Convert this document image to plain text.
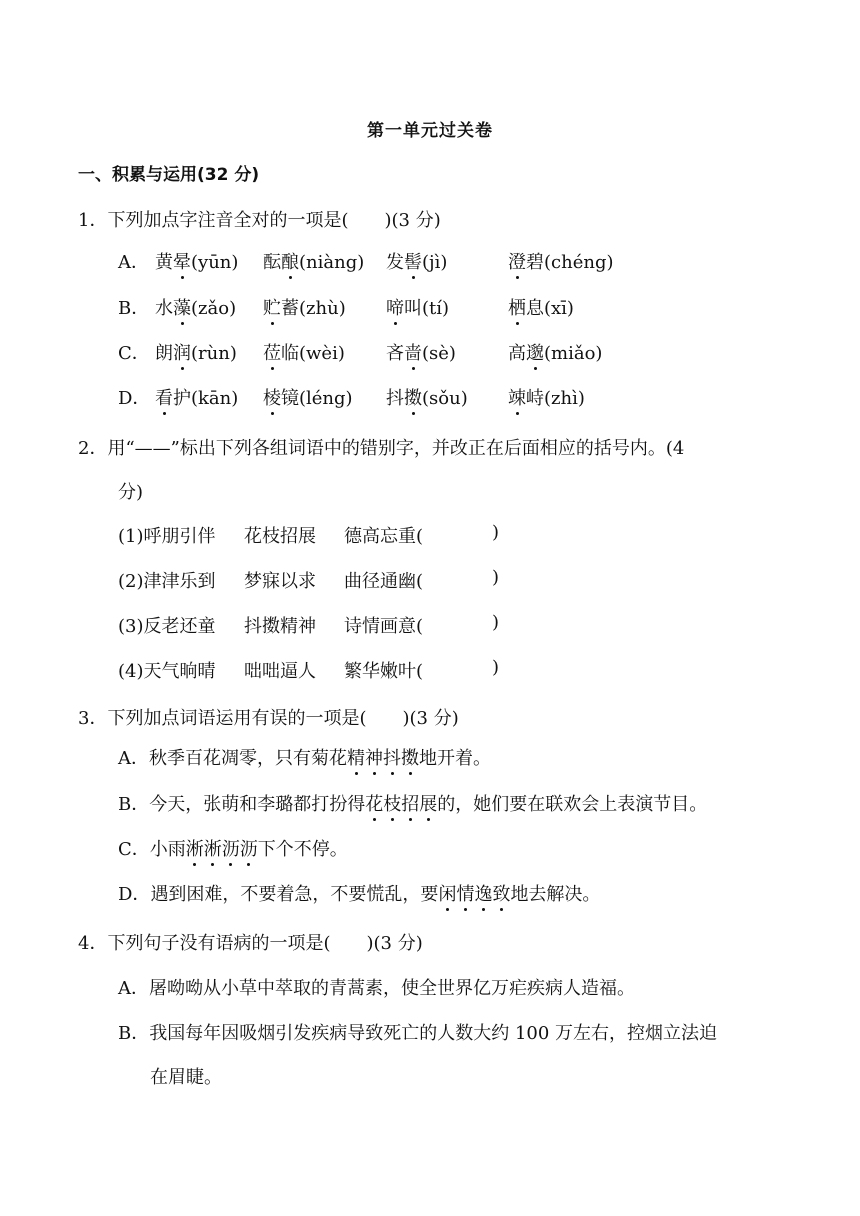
第一单元过关卷
一、积累与运用(32 分)
1．下列加点字注音全对的一项是(　　)(3 分)
A． 黄晕(yūn) 酝酿(niàng) 发髻(jì)	澄碧(chéng)
B． 水藻(zǎo) 贮蓄(zhù) 啼叫(tí)	栖息(xī)
C． 朗润(rùn) 莅临(wèi) 吝啬(sè)	高邈(miǎo)
D． 看护(kān) 棱镜(léng) 抖擞(sǒu) 竦峙(zhì)
2．用“——”标出下列各组词语中的错别字，并改正在后面相应的括号内。(4
分)
(1)呼朋引伴 花枝招展 德高忘重(	)
(2)津津乐到 梦寐以求 曲径通幽(	)
(3)反老还童 抖擞精神 诗情画意(	)
(4)天气晌晴 咄咄逼人 繁华嫩叶(	)
3．下列加点词语运用有误的一项是(　　)(3 分)
A．秋季百花凋零，只有菊花精神抖擞地开着。
B．今天，张萌和李璐都打扮得花枝招展的，她们要在联欢会上表演节目。
C．小雨淅淅沥沥下个不停。
D．遇到困难，不要着急，不要慌乱，要闲情逸致地去解决。
4．下列句子没有语病的一项是(　　)(3 分)
A．屠呦呦从小草中萃取的青蒿素，使全世界亿万疟疾病人造福。
B．我国每年因吸烟引发疾病导致死亡的人数大约 100 万左右，控烟立法迫
在眉睫。
